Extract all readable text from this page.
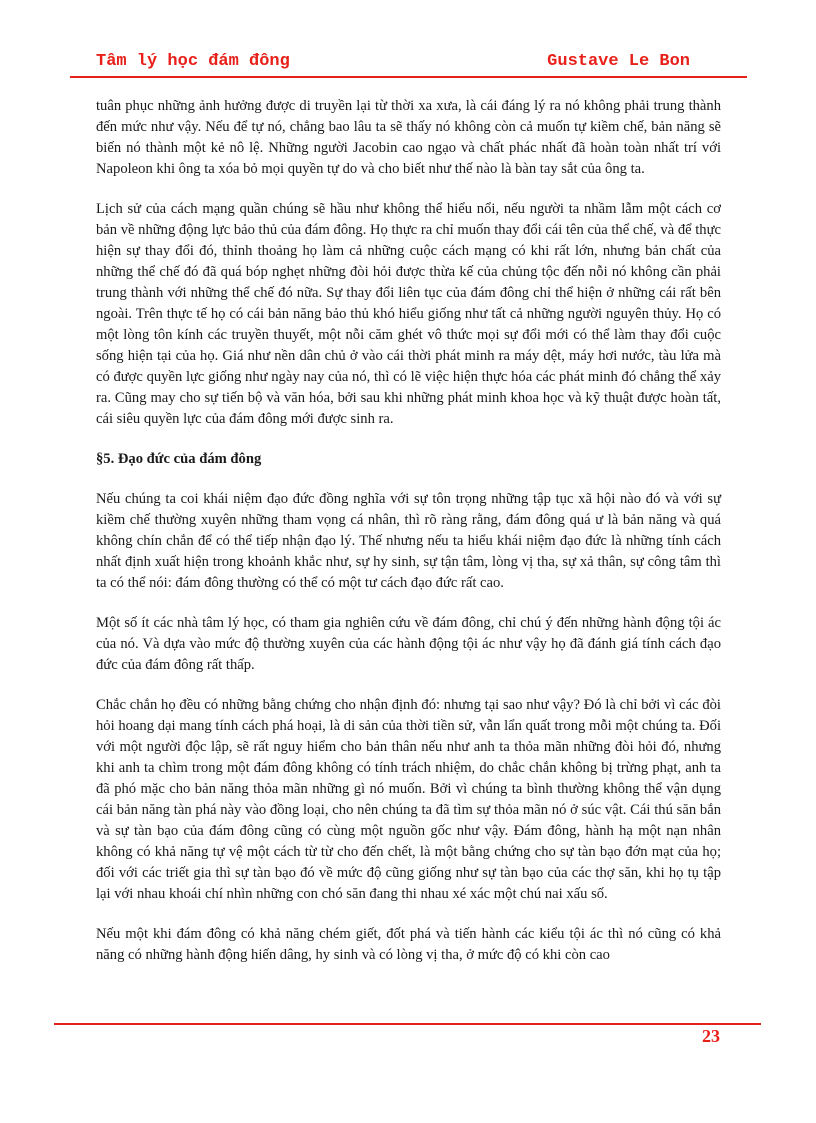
Tâm lý học đám đông	Gustave Le Bon

tuân phục những ảnh hưởng được di truyền lại từ thời xa xưa, là cái đáng lý ra nó không phải trung thành đến mức như vậy. Nếu để tự nó, chẳng bao lâu ta sẽ thấy nó không còn cả muốn tự kiềm chế, bản năng sẽ biến nó thành một kẻ nô lệ. Những người Jacobin cao ngạo và chất phác nhất đã hoàn toàn nhất trí với Napoleon khi ông ta xóa bỏ mọi quyền tự do và cho biết như thế nào là bàn tay sắt của ông ta.

Lịch sử của cách mạng quần chúng sẽ hầu như không thể hiểu nổi, nếu người ta nhầm lẫm một cách cơ bản về những động lực bảo thủ của đám đông. Họ thực ra chỉ muốn thay đổi cái tên của thể chế, và để thực hiện sự thay đổi đó, thỉnh thoảng họ làm cả những cuộc cách mạng có khi rất lớn, nhưng bản chất của những thể chế đó đã quá bóp nghẹt những đòi hỏi được thừa kế của chủng tộc đến nỗi nó không cần phải trung thành với những thể chế đó nữa. Sự thay đổi liên tục của đám đông chỉ thể hiện ở những cái rất bên ngoài. Trên thực tế họ có cái bản năng bảo thủ khó hiểu giống như tất cả những người nguyên thủy. Họ có một lòng tôn kính các truyền thuyết, một nỗi căm ghét vô thức mọi sự đổi mới có thể làm thay đổi cuộc sống hiện tại của họ. Giá như nền dân chủ ở vào cái thời phát minh ra máy dệt, máy hơi nước, tàu lửa mà có được quyền lực giống như ngày nay của nó, thì có lẽ việc hiện thực hóa các phát minh đó chẳng thể xảy ra. Cũng may cho sự tiến bộ và văn hóa, bởi sau khi những phát minh khoa học và kỹ thuật được hoàn tất, cái siêu quyền lực của đám đông mới được sinh ra.

§5. Đạo đức của đám đông

Nếu chúng ta coi khái niệm đạo đức đồng nghĩa với sự tôn trọng những tập tục xã hội nào đó và với sự kiềm chế thường xuyên những tham vọng cá nhân, thì rõ ràng rằng, đám đông quá ư là bản năng và quá không chín chắn để có thể tiếp nhận đạo lý. Thế nhưng nếu ta hiểu khái niệm đạo đức là những tính cách nhất định xuất hiện trong khoảnh khắc như, sự hy sinh, sự tận tâm, lòng vị tha, sự xả thân, sự công tâm thì ta có thể nói: đám đông thường có thể có một tư cách đạo đức rất cao.

Một số ít các nhà tâm lý học, có tham gia nghiên cứu về đám đông, chỉ chú ý đến những hành động tội ác của nó. Và dựa vào mức độ thường xuyên của các hành động tội ác như vậy họ đã đánh giá tính cách đạo đức của đám đông rất thấp.

Chắc chắn họ đều có những bằng chứng cho nhận định đó: nhưng tại sao như vậy? Đó là chỉ bởi vì các đòi hỏi hoang dại mang tính cách phá hoại, là di sản của thời tiền sử, vẫn lẩn quất trong mỗi một chúng ta. Đối với một người độc lập, sẽ rất nguy hiểm cho bản thân nếu như anh ta thỏa mãn những đòi hỏi đó, nhưng khi anh ta chìm trong một đám đông không có tính trách nhiệm, do chắc chắn không bị trừng phạt, anh ta đã phó mặc cho bản năng thỏa mãn những gì nó muốn. Bởi vì chúng ta bình thường không thể vận dụng cái bản năng tàn phá này vào đồng loại, cho nên chúng ta đã tìm sự thỏa mãn nó ở súc vật. Cái thú săn bắn và sự tàn bạo của đám đông cũng có cùng một nguồn gốc như vậy. Đám đông, hành hạ một nạn nhân không có khả năng tự vệ một cách từ từ cho đến chết, là một bằng chứng cho sự tàn bạo đớn mạt của họ; đối với các triết gia thì sự tàn bạo đó về mức độ cũng giống như sự tàn bạo của các thợ săn, khi họ tụ tập lại với nhau khoái chí nhìn những con chó săn đang thi nhau xé xác một chú nai xấu số.

Nếu một khi đám đông có khả năng chém giết, đốt phá và tiến hành các kiểu tội ác thì nó cũng có khả năng có những hành động hiến dâng, hy sinh và có lòng vị tha, ở mức độ có khi còn cao

23
